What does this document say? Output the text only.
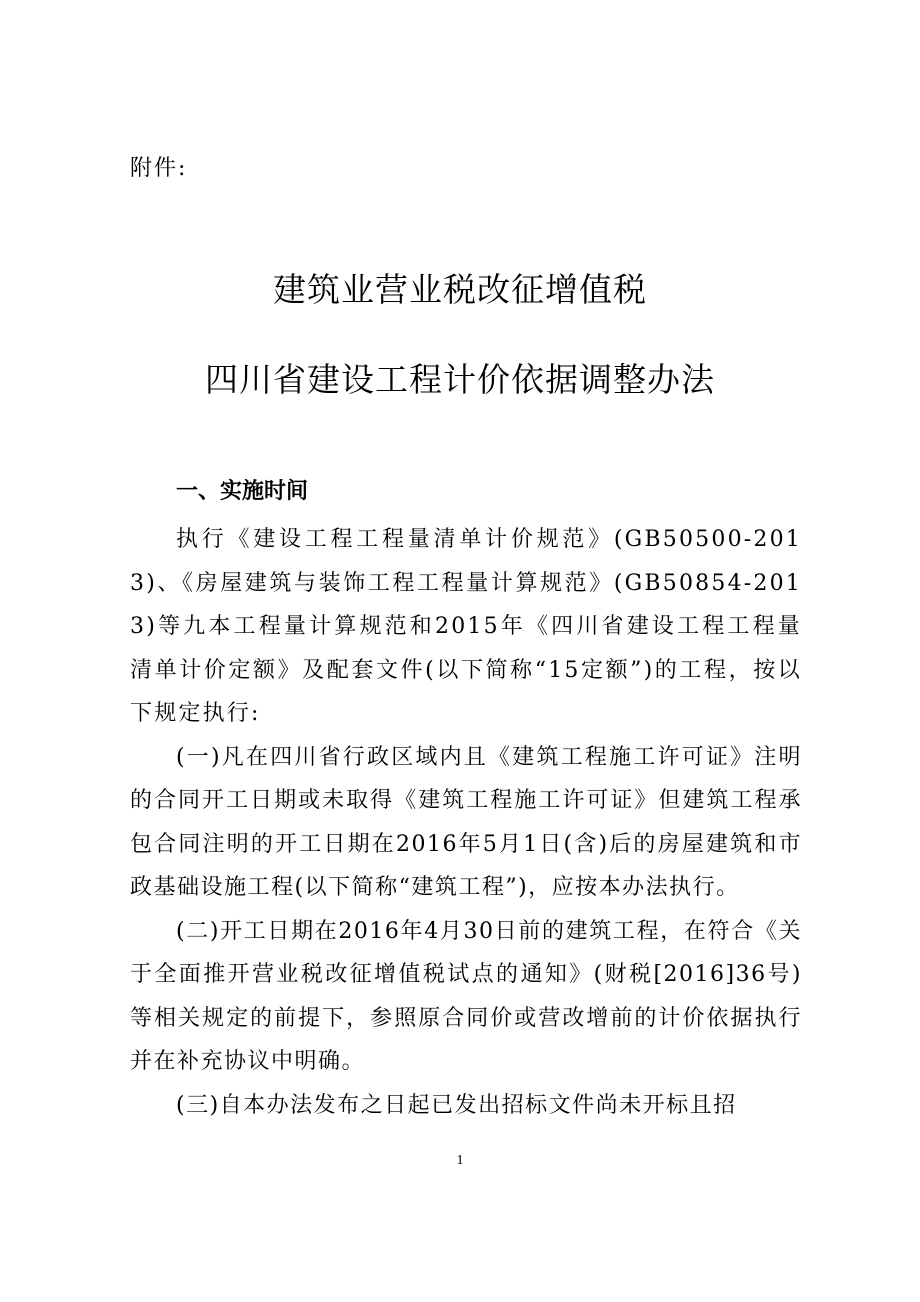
附件:
建筑业营业税改征增值税
四川省建设工程计价依据调整办法
一、实施时间

执行《建设工程工程量清单计价规范》(GB50500-2013)、《房屋建筑与装饰工程工程量计算规范》(GB50854-2013)等九本工程量计算规范和2015年《四川省建设工程工程量清单计价定额》及配套文件(以下简称“15定额”)的工程，按以下规定执行:

(一)凡在四川省行政区域内且《建筑工程施工许可证》注明的合同开工日期或未取得《建筑工程施工许可证》但建筑工程承包合同注明的开工日期在2016年5月1日(含)后的房屋建筑和市政基础设施工程(以下简称“建筑工程”)，应按本办法执行。

(二)开工日期在2016年4月30日前的建筑工程，在符合《关于全面推开营业税改征增值税试点的通知》(财税[2016]36号)等相关规定的前提下，参照原合同价或营改增前的计价依据执行并在补充协议中明确。

(三)自本办法发布之日起已发出招标文件尚未开标且招

1
